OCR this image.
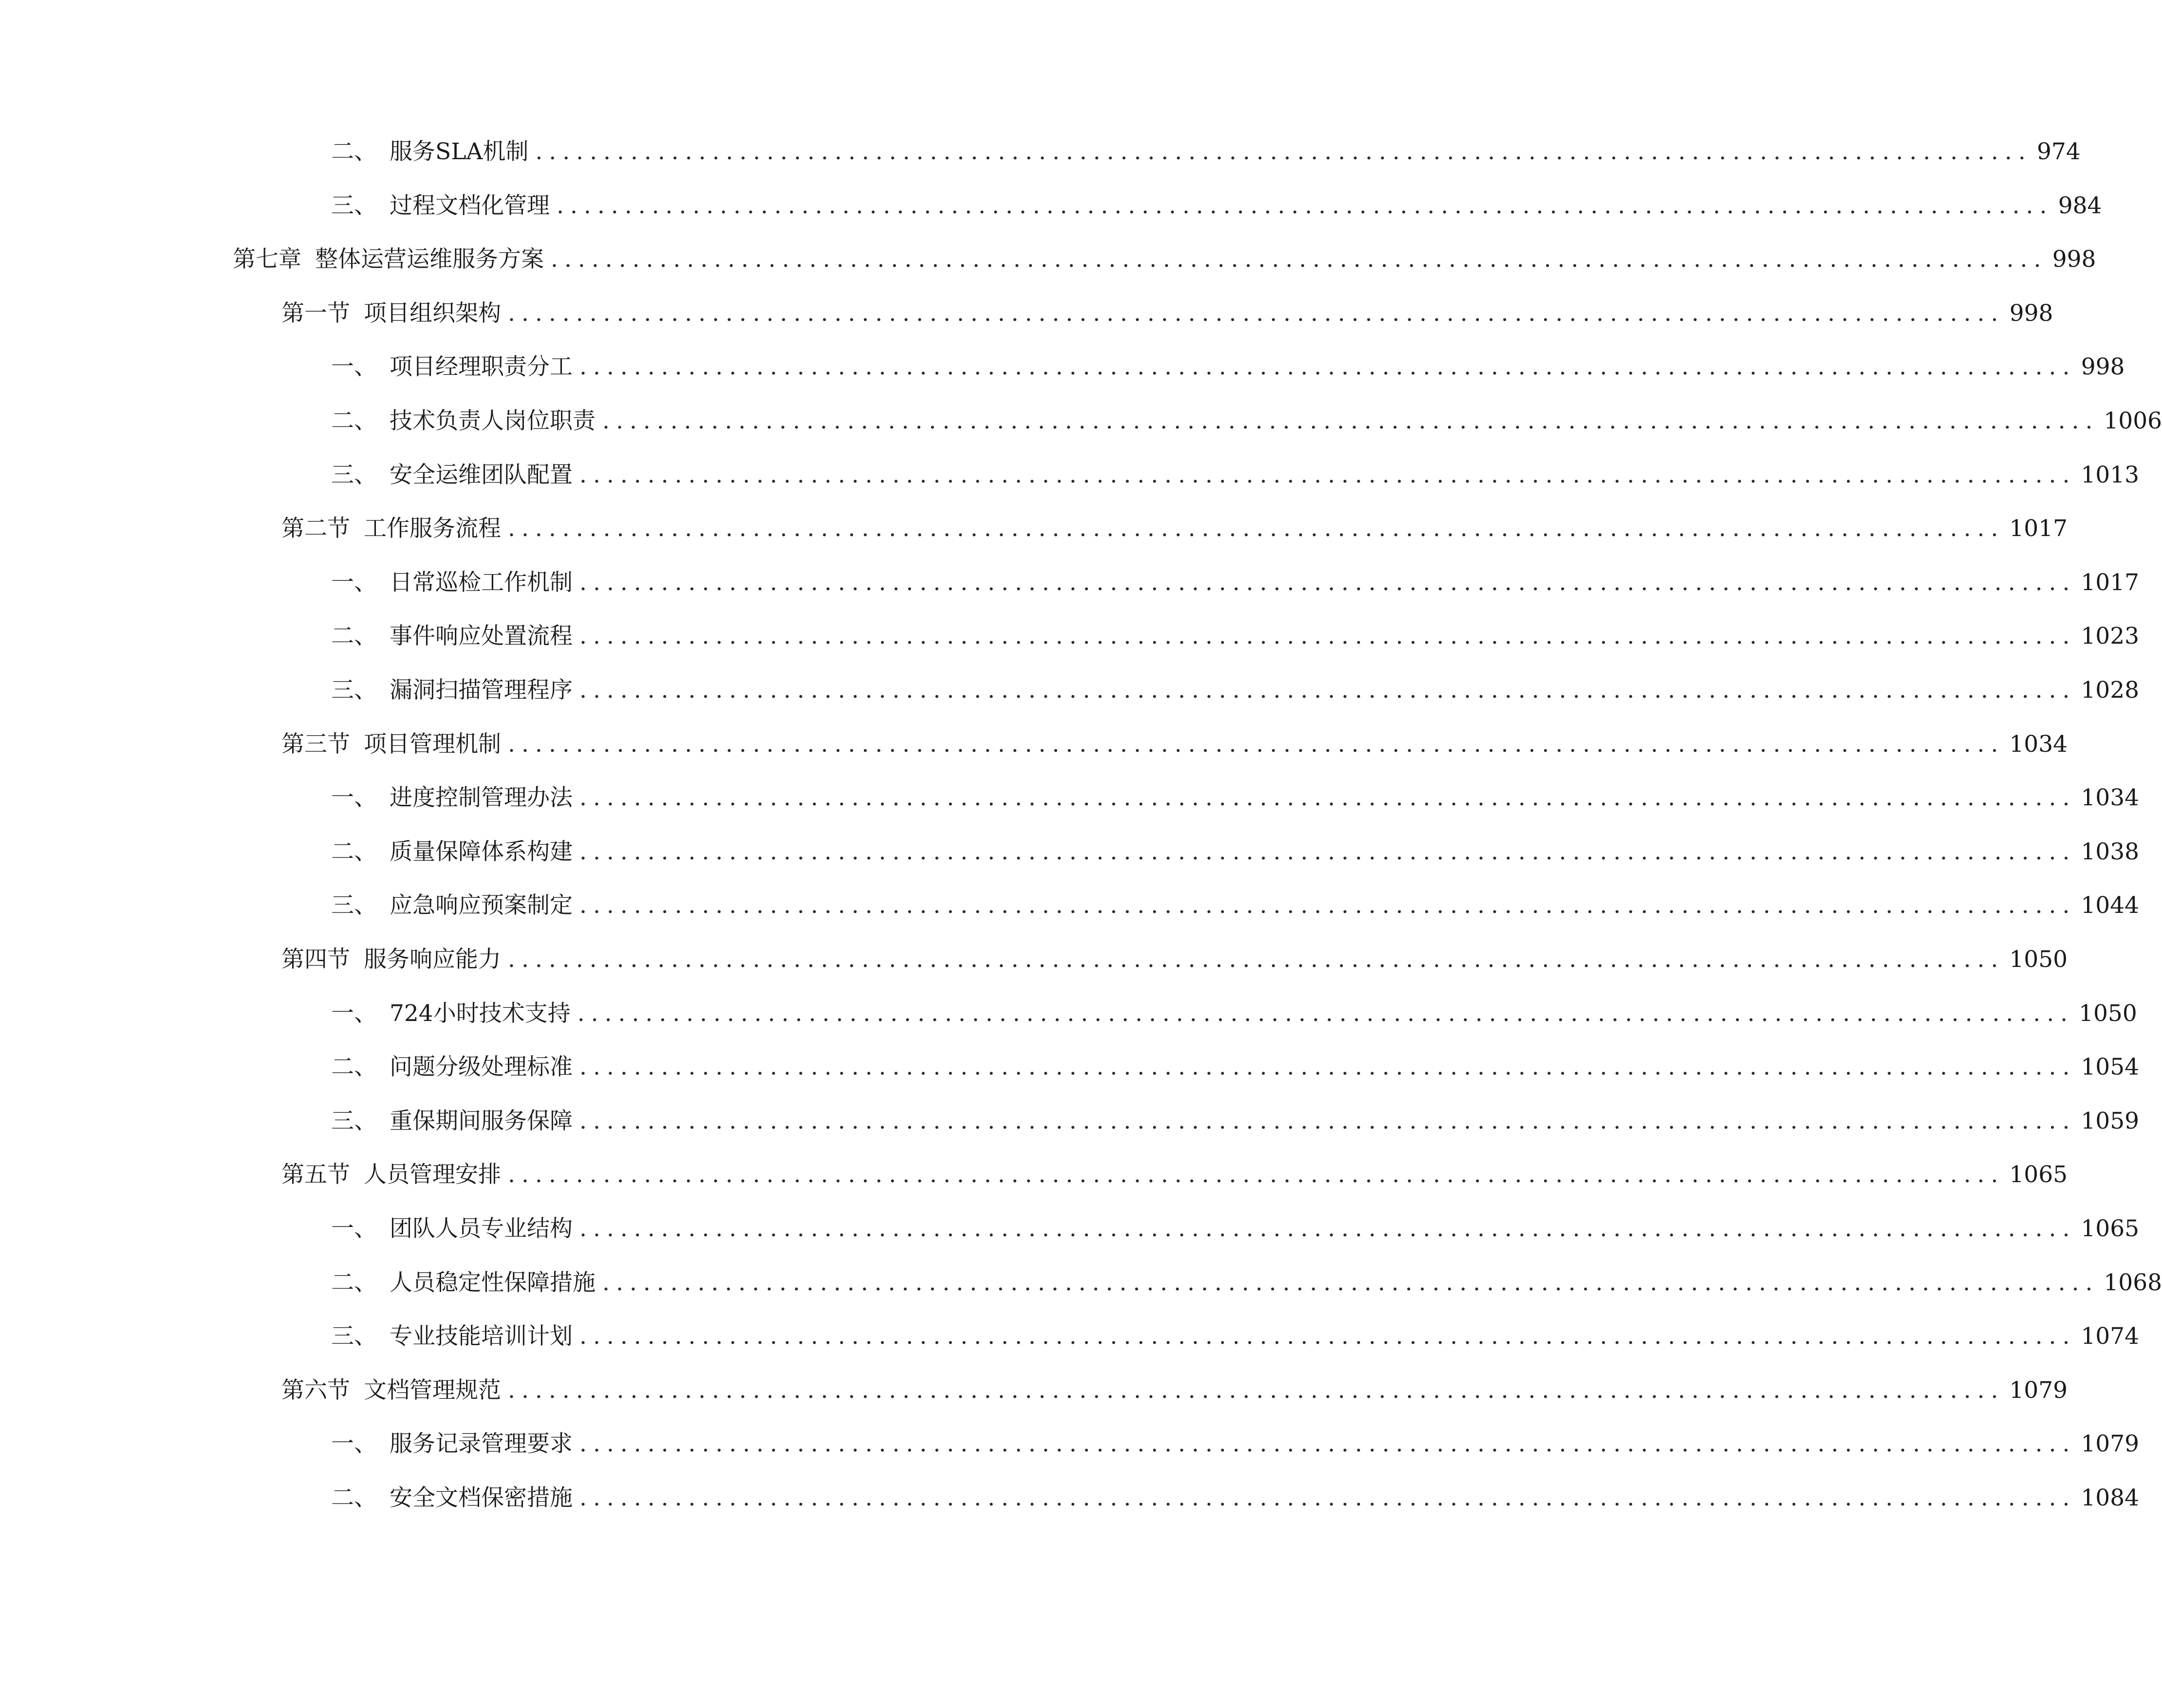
二、 服务SLA机制 .............................................................................................................. 974
三、 过程文档化管理 .............................................................................................................. 984
第七章 整体运营运维服务方案 .............................................................................................................. 998
第一节 项目组织架构 .............................................................................................................. 998
一、 项目经理职责分工 .............................................................................................................. 998
二、 技术负责人岗位职责 .............................................................................................................. 1006
三、 安全运维团队配置 .............................................................................................................. 1013
第二节 工作服务流程 .............................................................................................................. 1017
一、 日常巡检工作机制 .............................................................................................................. 1017
二、 事件响应处置流程 .............................................................................................................. 1023
三、 漏洞扫描管理程序 .............................................................................................................. 1028
第三节 项目管理机制 .............................................................................................................. 1034
一、 进度控制管理办法 .............................................................................................................. 1034
二、 质量保障体系构建 .............................................................................................................. 1038
三、 应急响应预案制定 .............................................................................................................. 1044
第四节 服务响应能力 .............................................................................................................. 1050
一、 724小时技术支持 .............................................................................................................. 1050
二、 问题分级处理标准 .............................................................................................................. 1054
三、 重保期间服务保障 .............................................................................................................. 1059
第五节 人员管理安排 .............................................................................................................. 1065
一、 团队人员专业结构 .............................................................................................................. 1065
二、 人员稳定性保障措施 .............................................................................................................. 1068
三、 专业技能培训计划 .............................................................................................................. 1074
第六节 文档管理规范 .............................................................................................................. 1079
一、 服务记录管理要求 .............................................................................................................. 1079
二、 安全文档保密措施 .............................................................................................................. 1084
